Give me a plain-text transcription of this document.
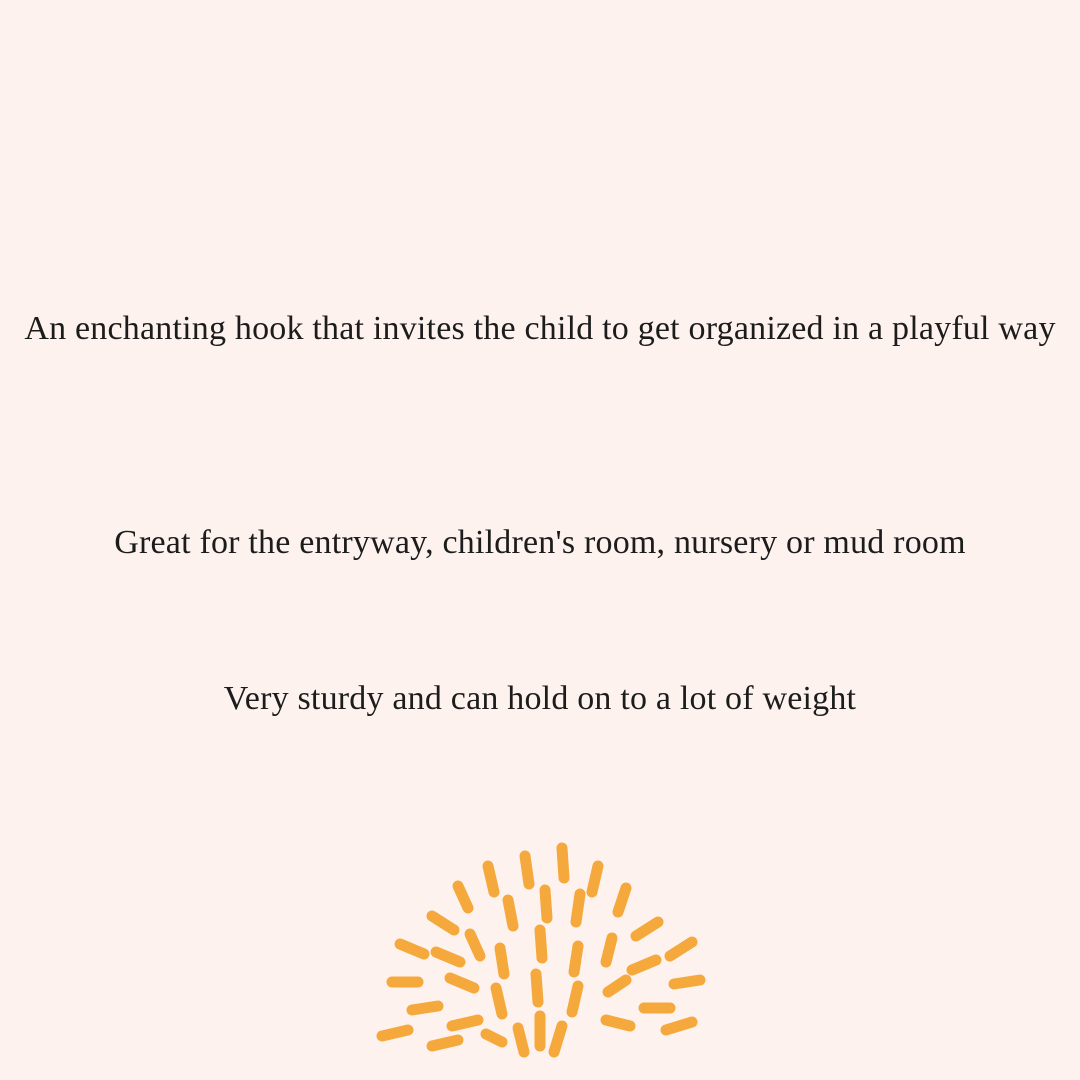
An enchanting hook that invites the child to get organized in a playful way
Great for the entryway, children's room, nursery or mud room
Very sturdy and can hold on to a lot of weight
